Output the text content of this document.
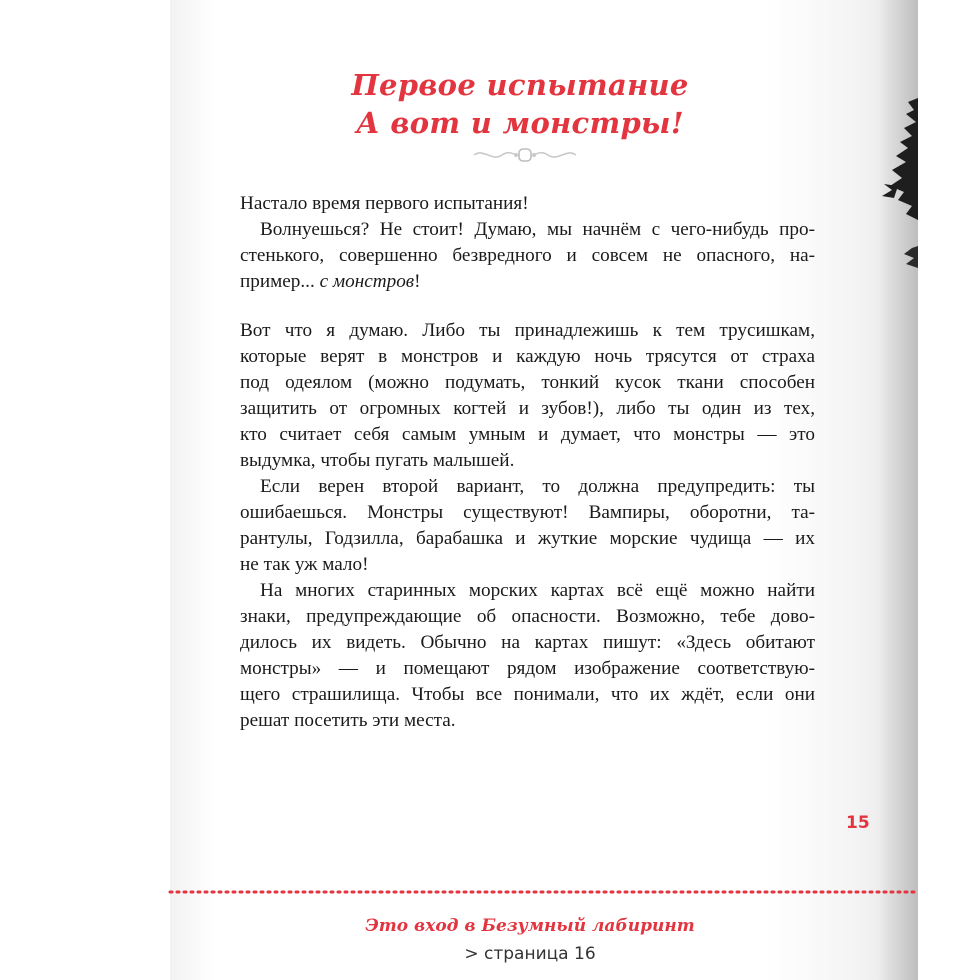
Первое испытание
А вот и монстры!
Настало время первого испытания!
Волнуешься? Не стоит! Думаю, мы начнём с чего-нибудь про-
стенького, совершенно безвредного и совсем не опасного, на-
пример... с монстров!
Вот что я думаю. Либо ты принадлежишь к тем трусишкам,
которые верят в монстров и каждую ночь трясутся от страха
под одеялом (можно подумать, тонкий кусок ткани способен
защитить от огромных когтей и зубов!), либо ты один из тех,
кто считает себя самым умным и думает, что монстры — это
выдумка, чтобы пугать малышей.
Если верен второй вариант, то должна предупредить: ты
ошибаешься. Монстры существуют! Вампиры, оборотни, та-
рантулы, Годзилла, барабашка и жуткие морские чудища — их
не так уж мало!
На многих старинных морских картах всё ещё можно найти
знаки, предупреждающие об опасности. Возможно, тебе дово-
дилось их видеть. Обычно на картах пишут: «Здесь обитают
монстры» — и помещают рядом изображение соответствую-
щего страшилища. Чтобы все понимали, что их ждёт, если они
решат посетить эти места.
15
Это вход в Безумный лабиринт
> страница 16
